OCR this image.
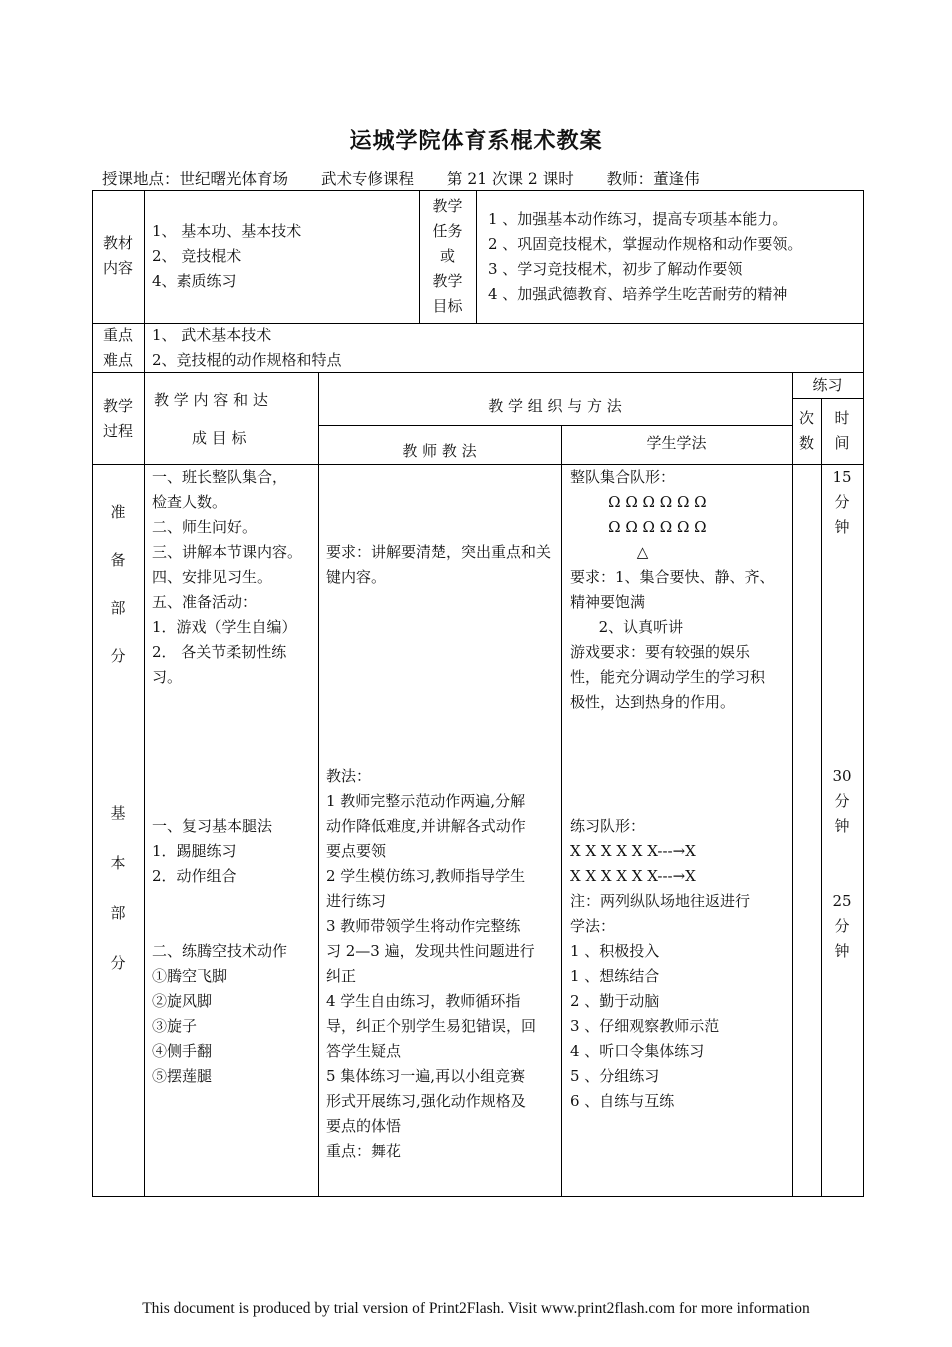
运城学院体育系棍术教案
授课地点：世纪曙光体育场 武术专修课程 第 21 次课 2 课时 教师：董逢伟
教材
内容
1、 基本功、基本技术
2、 竞技棍术
4、素质练习
教学
任务
或
教学
目标
1 、加强基本动作练习，提高专项基本能力。
2 、巩固竞技棍术，掌握动作规格和动作要领。
3 、学习竞技棍术，初步了解动作要领
4 、加强武德教育、培养学生吃苦耐劳的精神
重点
难点
1、 武术基本技术
2、竞技棍的动作规格和特点
教学
过程
教 学 内 容 和 达
成 目 标
教 学 组 织 与 方 法
教 师 教 法	学生学法
练习
次
数
时
间
准
备
部
分
一、班长整队集合，
检查人数。
二、师生问好。
三、讲解本节课内容。
四、安排见习生。
五、准备活动：
1．游戏（学生自编）
2． 各关节柔韧性练
习。
要求：讲解要清楚，突出重点和关键内容。
整队集合队形：
Ω Ω Ω Ω Ω Ω
Ω Ω Ω Ω Ω Ω
△
要求：1、集合要快、静、齐、
精神要饱满
2、认真听讲
游戏要求：要有较强的娱乐
性，能充分调动学生的学习积
极性，达到热身的作用。
15
分
钟
基
本
部
分
一、复习基本腿法
1．踢腿练习
2．动作组合
二、练腾空技术动作
①腾空飞脚
②旋风脚
③旋子
④侧手翻
⑤摆莲腿
教法：
1 教师完整示范动作两遍,分解
动作降低难度,并讲解各式动作
要点要领
2 学生模仿练习,教师指导学生
进行练习
3 教师带领学生将动作完整练
习 2—3 遍，发现共性问题进行
纠正
4 学生自由练习，教师循环指
导，纠正个别学生易犯错误，回
答学生疑点
5 集体练习一遍,再以小组竞赛
形式开展练习,强化动作规格及
要点的体悟
重点：舞花
练习队形：
X X X X X X---→X
X X X X X X---→X
注：两列纵队场地往返进行
学法：
1 、积极投入
1 、想练结合
2 、勤于动脑
3 、仔细观察教师示范
4 、听口令集体练习
5 、分组练习
6 、自练与互练
30
分
钟
25
分
钟
This document is produced by trial version of Print2Flash. Visit www.print2flash.com for more information
